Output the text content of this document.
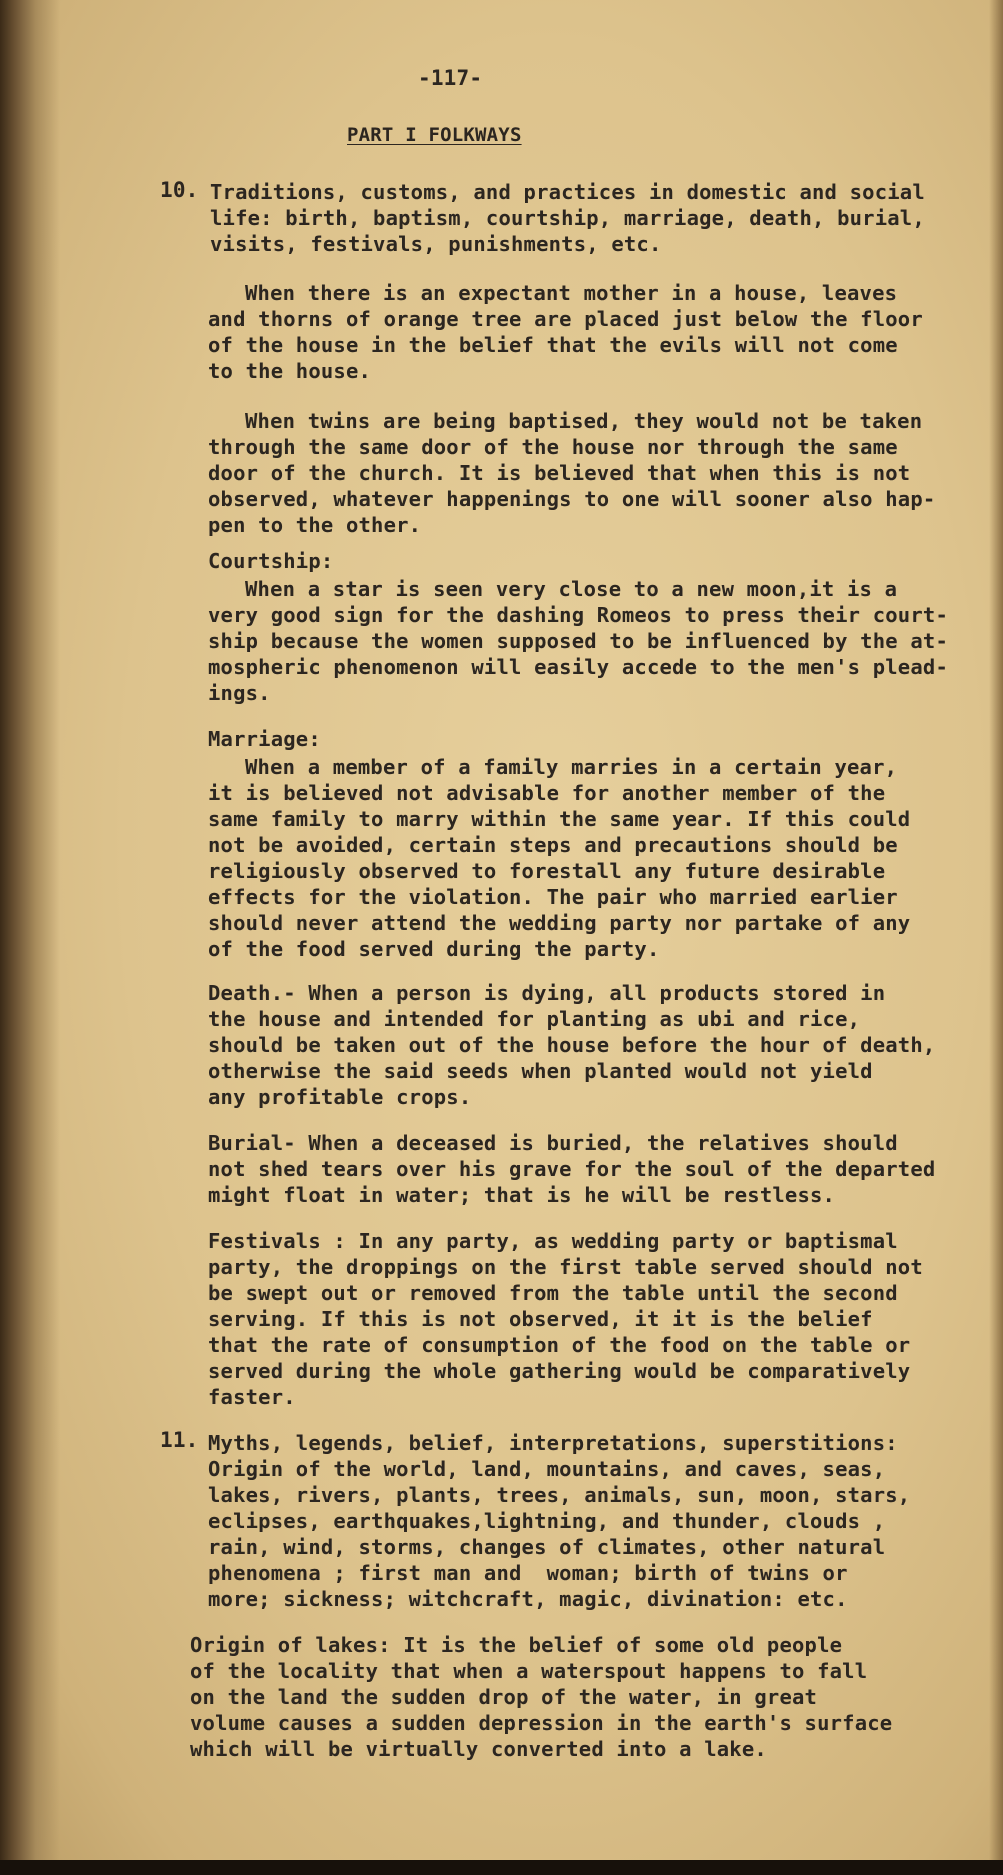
-117-
PART I FOLKWAYS
10. Traditions, customs, and practices in domestic and social
life: birth, baptism, courtship, marriage, death, burial,
visits, festivals, punishments, etc.
When there is an expectant mother in a house, leaves
and thorns of orange tree are placed just below the floor
of the house in the belief that the evils will not come
to the house.
When twins are being baptised, they would not be taken
through the same door of the house nor through the same
door of the church. It is believed that when this is not
observed, whatever happenings to one will sooner also hap-
pen to the other.
Courtship:
When a star is seen very close to a new moon,it is a
very good sign for the dashing Romeos to press their court-
ship because the women supposed to be influenced by the at-
mospheric phenomenon will easily accede to the men's plead-
ings.
Marriage:
When a member of a family marries in a certain year,
it is believed not advisable for another member of the
same family to marry within the same year. If this could
not be avoided, certain steps and precautions should be
religiously observed to forestall any future desirable
effects for the violation. The pair who married earlier
should never attend the wedding party nor partake of any
of the food served during the party.
Death.- When a person is dying, all products stored in
the house and intended for planting as ubi and rice,
should be taken out of the house before the hour of death,
otherwise the said seeds when planted would not yield
any profitable crops.
Burial- When a deceased is buried, the relatives should
not shed tears over his grave for the soul of the departed
might float in water; that is he will be restless.
Festivals : In any party, as wedding party or baptismal
party, the droppings on the first table served should not
be swept out or removed from the table until the second
serving. If this is not observed, it it is the belief
that the rate of consumption of the food on the table or
served during the whole gathering would be comparatively
faster.
11. Myths, legends, belief, interpretations, superstitions:
Origin of the world, land, mountains, and caves, seas,
lakes, rivers, plants, trees, animals, sun, moon, stars,
eclipses, earthquakes,lightning, and thunder, clouds ,
rain, wind, storms, changes of climates, other natural
phenomena ; first man and  woman; birth of twins or
more; sickness; witchcraft, magic, divination: etc.
Origin of lakes: It is the belief of some old people
of the locality that when a waterspout happens to fall
on the land the sudden drop of the water, in great
volume causes a sudden depression in the earth's surface
which will be virtually converted into a lake.
